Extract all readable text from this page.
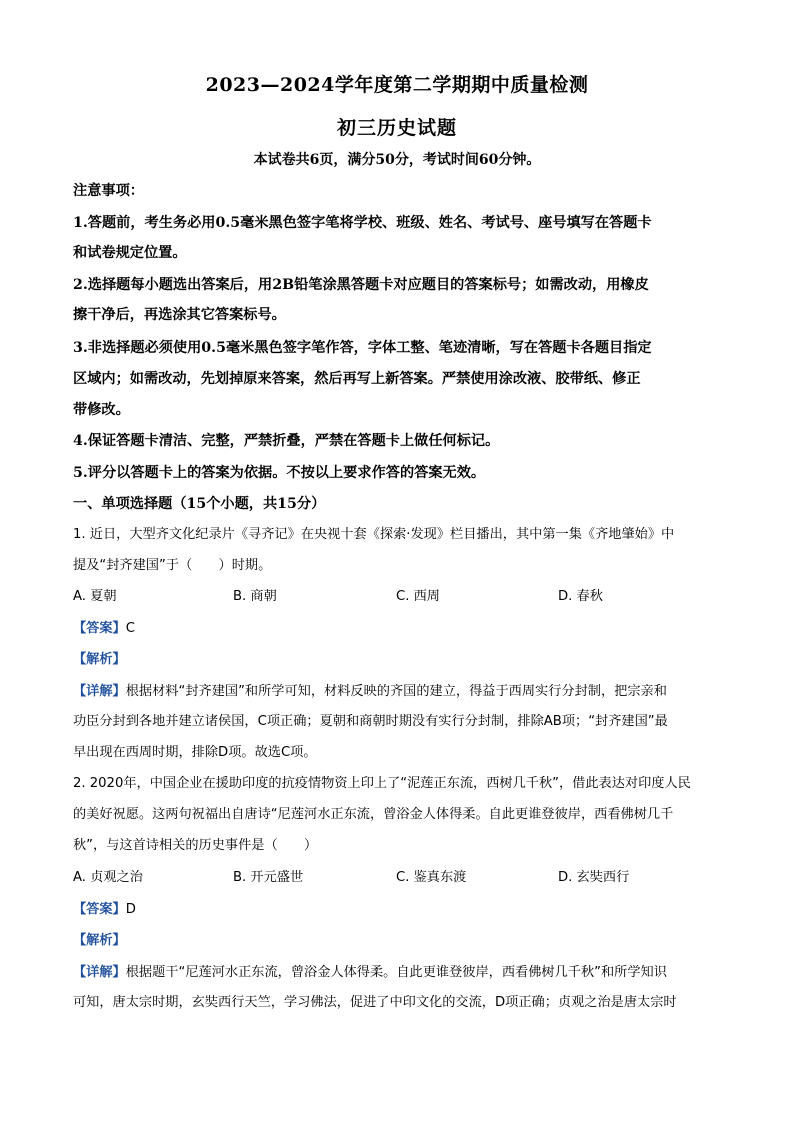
2023—2024学年度第二学期期中质量检测
初三历史试题
本试卷共6页，满分50分，考试时间60分钟。
注意事项：
1.答题前，考生务必用0.5毫米黑色签字笔将学校、班级、姓名、考试号、座号填写在答题卡
和试卷规定位置。
2.选择题每小题选出答案后，用2B铅笔涂黑答题卡对应题目的答案标号；如需改动，用橡皮
擦干净后，再选涂其它答案标号。
3.非选择题必须使用0.5毫米黑色签字笔作答，字体工整、笔迹清晰，写在答题卡各题目指定
区域内；如需改动，先划掉原来答案，然后再写上新答案。严禁使用涂改液、胶带纸、修正
带修改。
4.保证答题卡清洁、完整，严禁折叠，严禁在答题卡上做任何标记。
5.评分以答题卡上的答案为依据。不按以上要求作答的答案无效。
一、单项选择题（15个小题，共15分）
1. 近日，大型齐文化纪录片《寻齐记》在央视十套《探索·发现》栏目播出，其中第一集《齐地肇始》中
提及“封齐建国”于（　　）时期。
A. 夏朝	B. 商朝	C. 西周	D. 春秋
【答案】C
【解析】
【详解】根据材料“封齐建国”和所学可知，材料反映的齐国的建立，得益于西周实行分封制，把宗亲和
功臣分封到各地并建立诸侯国，C项正确；夏朝和商朝时期没有实行分封制，排除AB项；“封齐建国”最
早出现在西周时期，排除D项。故选C项。
2. 2020年，中国企业在援助印度的抗疫情物资上印上了“泥莲正东流，西树几千秋”，借此表达对印度人民
的美好祝愿。这两句祝福出自唐诗“尼莲河水正东流，曾浴金人体得柔。自此更谁登彼岸，西看佛树几千
秋”，与这首诗相关的历史事件是（　　）
A. 贞观之治	B. 开元盛世	C. 鉴真东渡	D. 玄奘西行
【答案】D
【解析】
【详解】根据题干“尼莲河水正东流，曾浴金人体得柔。自此更谁登彼岸，西看佛树几千秋”和所学知识
可知，唐太宗时期，玄奘西行天竺，学习佛法，促进了中印文化的交流，D项正确；贞观之治是唐太宗时
